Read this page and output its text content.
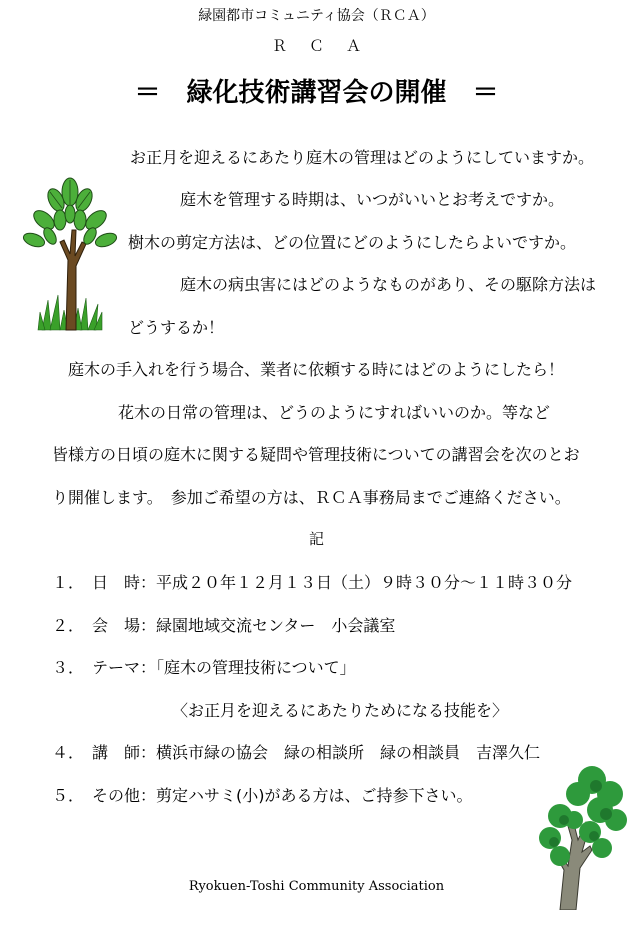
緑園都市コミュニティ協会（ＲＣＡ）
ＲＣＡ
＝　緑化技術講習会の開催　＝
お正月を迎えるにあたり庭木の管理はどのようにしていますか。
庭木を管理する時期は、いつがいいとお考えですか。
樹木の剪定方法は、どの位置にどのようにしたらよいですか。
庭木の病虫害にはどのようなものがあり、その駆除方法は
どうするか！
庭木の手入れを行う場合、業者に依頼する時にはどのようにしたら！
花木の日常の管理は、どうのようにすればいいのか。等など
皆様方の日頃の庭木に関する疑問や管理技術についての講習会を次のとお
り開催します。　参加ご希望の方は、ＲＣＡ事務局までご連絡ください。
記
１．　日　時：平成２０年１２月１３日（土）９時３０分～１１時３０分
２．　会　場：緑園地域交流センター　小会議室
３．　テーマ：「庭木の管理技術について」
〈お正月を迎えるにあたりためになる技能を〉
４．　講　師：横浜市緑の協会　緑の相談所　緑の相談員　吉澤久仁
５．　その他：剪定ハサミ(小)がある方は、ご持参下さい。
Ryokuen-Toshi Community Association
